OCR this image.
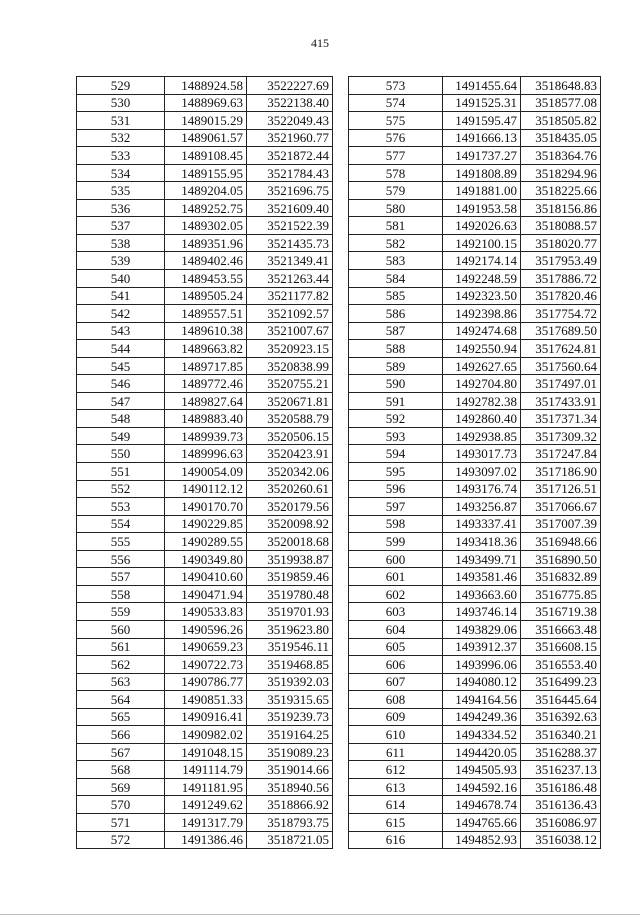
415
529	1488924.58	3522227.69
530	1488969.63	3522138.40
531	1489015.29	3522049.43
532	1489061.57	3521960.77
533	1489108.45	3521872.44
534	1489155.95	3521784.43
535	1489204.05	3521696.75
536	1489252.75	3521609.40
537	1489302.05	3521522.39
538	1489351.96	3521435.73
539	1489402.46	3521349.41
540	1489453.55	3521263.44
541	1489505.24	3521177.82
542	1489557.51	3521092.57
543	1489610.38	3521007.67
544	1489663.82	3520923.15
545	1489717.85	3520838.99
546	1489772.46	3520755.21
547	1489827.64	3520671.81
548	1489883.40	3520588.79
549	1489939.73	3520506.15
550	1489996.63	3520423.91
551	1490054.09	3520342.06
552	1490112.12	3520260.61
553	1490170.70	3520179.56
554	1490229.85	3520098.92
555	1490289.55	3520018.68
556	1490349.80	3519938.87
557	1490410.60	3519859.46
558	1490471.94	3519780.48
559	1490533.83	3519701.93
560	1490596.26	3519623.80
561	1490659.23	3519546.11
562	1490722.73	3519468.85
563	1490786.77	3519392.03
564	1490851.33	3519315.65
565	1490916.41	3519239.73
566	1490982.02	3519164.25
567	1491048.15	3519089.23
568	1491114.79	3519014.66
569	1491181.95	3518940.56
570	1491249.62	3518866.92
571	1491317.79	3518793.75
572	1491386.46	3518721.05
573	1491455.64	3518648.83
574	1491525.31	3518577.08
575	1491595.47	3518505.82
576	1491666.13	3518435.05
577	1491737.27	3518364.76
578	1491808.89	3518294.96
579	1491881.00	3518225.66
580	1491953.58	3518156.86
581	1492026.63	3518088.57
582	1492100.15	3518020.77
583	1492174.14	3517953.49
584	1492248.59	3517886.72
585	1492323.50	3517820.46
586	1492398.86	3517754.72
587	1492474.68	3517689.50
588	1492550.94	3517624.81
589	1492627.65	3517560.64
590	1492704.80	3517497.01
591	1492782.38	3517433.91
592	1492860.40	3517371.34
593	1492938.85	3517309.32
594	1493017.73	3517247.84
595	1493097.02	3517186.90
596	1493176.74	3517126.51
597	1493256.87	3517066.67
598	1493337.41	3517007.39
599	1493418.36	3516948.66
600	1493499.71	3516890.50
601	1493581.46	3516832.89
602	1493663.60	3516775.85
603	1493746.14	3516719.38
604	1493829.06	3516663.48
605	1493912.37	3516608.15
606	1493996.06	3516553.40
607	1494080.12	3516499.23
608	1494164.56	3516445.64
609	1494249.36	3516392.63
610	1494334.52	3516340.21
611	1494420.05	3516288.37
612	1494505.93	3516237.13
613	1494592.16	3516186.48
614	1494678.74	3516136.43
615	1494765.66	3516086.97
616	1494852.93	3516038.12
